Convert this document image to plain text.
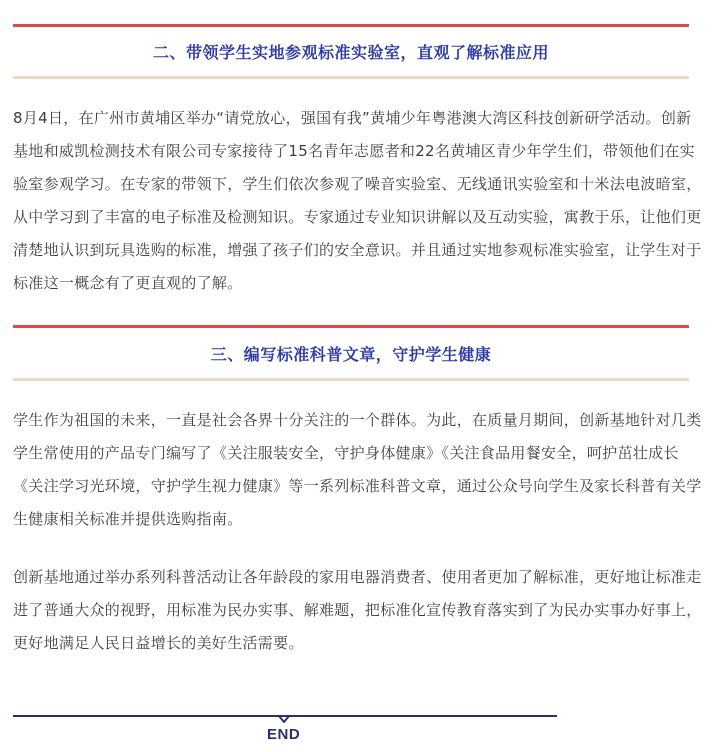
二、带领学生实地参观标准实验室，直观了解标准应用

8月4日，在广州市黄埔区举办“请党放心，强国有我”黄埔少年粤港澳大湾区科技创新研学活动。创新基地和威凯检测技术有限公司专家接待了15名青年志愿者和22名黄埔区青少年学生们，带领他们在实验室参观学习。在专家的带领下，学生们依次参观了噪音实验室、无线通讯实验室和十米法电波暗室，从中学习到了丰富的电子标准及检测知识。专家通过专业知识讲解以及互动实验，寓教于乐，让他们更清楚地认识到玩具选购的标准，增强了孩子们的安全意识。并且通过实地参观标准实验室，让学生对于标准这一概念有了更直观的了解。

三、编写标准科普文章，守护学生健康

学生作为祖国的未来，一直是社会各界十分关注的一个群体。为此，在质量月期间，创新基地针对几类学生常使用的产品专门编写了《关注服装安全，守护身体健康》《关注食品用餐安全，呵护茁壮成长《关注学习光环境，守护学生视力健康》等一系列标准科普文章，通过公众号向学生及家长科普有关学生健康相关标准并提供选购指南。

创新基地通过举办系列科普活动让各年龄段的家用电器消费者、使用者更加了解标准，更好地让标准走进了普通大众的视野，用标准为民办实事、解难题，把标准化宣传教育落实到了为民办实事办好事上，更好地满足人民日益增长的美好生活需要。

END
